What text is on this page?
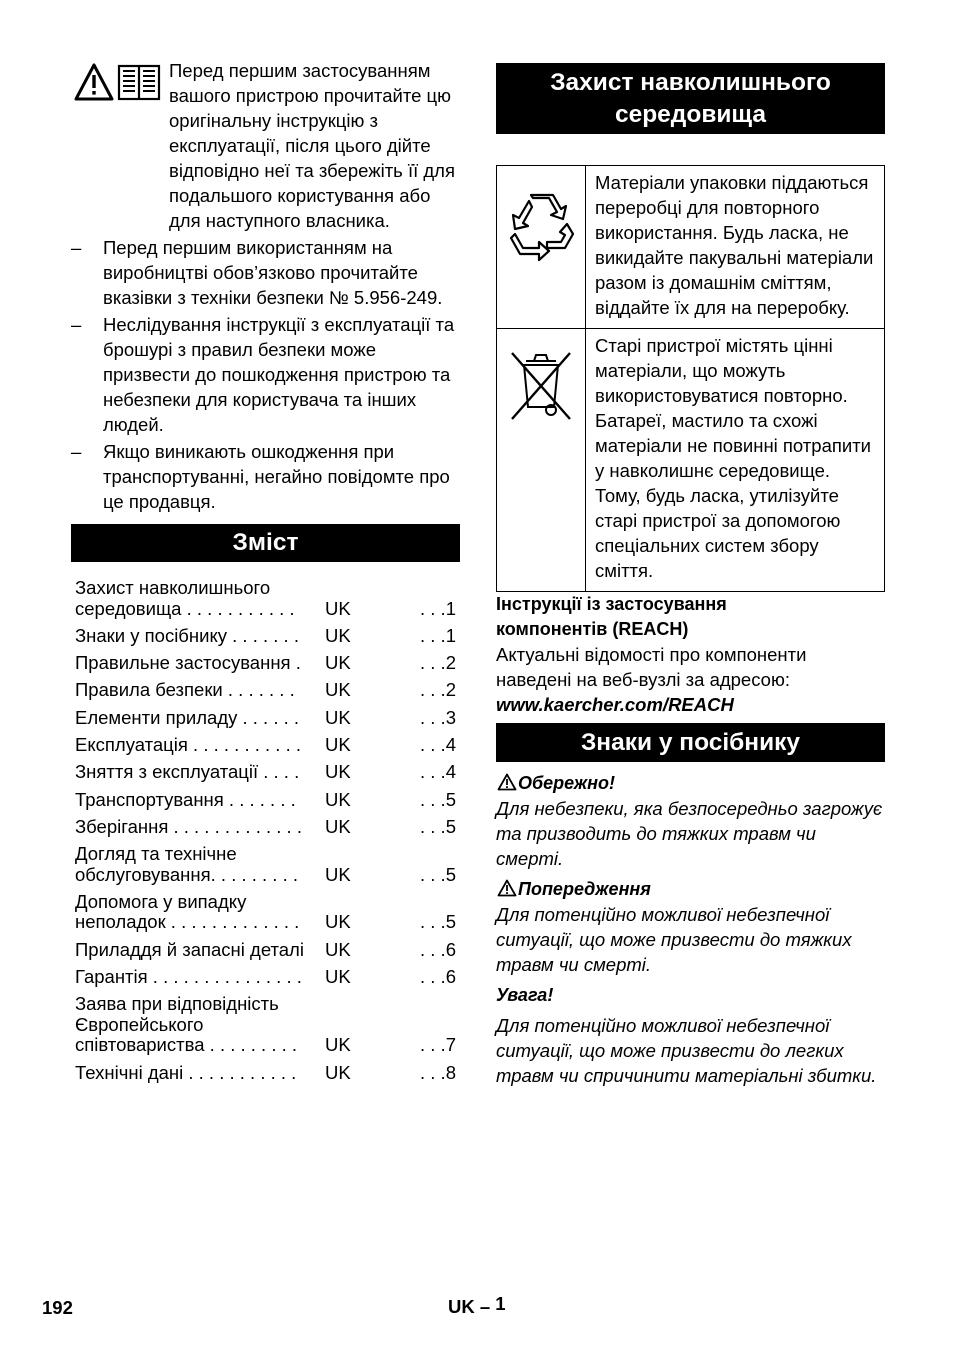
Перед першим застосуванням вашого пристрою прочитайте цю оригінальну інструкцію з експлуатації, після цього дійте відповідно неї та збережіть її для подальшого користування або для наступного власника.

– Перед першим використанням на виробництві обов’язково прочитайте вказівки з техніки безпеки № 5.956-249.
– Неслідування інструкції з експлуатації та брошурі з правил безпеки може призвести до пошкодження пристрою та небезпеки для користувача та інших людей.
– Якщо виникають ошкодження при транспортуванні, негайно повідомте про це продавця.
Зміст
Захист навколишнього
середовища . . . . . . . . . . .	UK	. . .1
Знаки у посібнику . . . . . . .	UK	. . .1
Правильне застосування .	UK	. . .2
Правила безпеки . . . . . . .	UK	. . .2
Елементи приладу . . . . . .	UK	. . .3
Експлуатація . . . . . . . . . . .	UK	. . .4
Зняття з експлуатації . . . .	UK	. . .4
Транспортування . . . . . . .	UK	. . .5
Зберігання . . . . . . . . . . . . .	UK	. . .5
Догляд та технічне
обслуговування. . . . . . . . .	UK	. . .5
Допомога у випадку
неполадок . . . . . . . . . . . . .	UK	. . .5
Приладдя й запасні деталі	UK	. . .6
Гарантія . . . . . . . . . . . . . . .	UK	. . .6
Заява при відповідність
Європейського
співтовариства . . . . . . . . .	UK	. . .7
Технічні дані . . . . . . . . . . .	UK	. . .8
Захист навколишнього середовища
	Матеріали упаковки піддаються переробці для повторного використання. Будь ласка, не викидайте пакувальні матеріали разом із домашнім сміттям, віддайте їх для на переробку.
	Старі пристрої містять цінні матеріали, що можуть використовуватися повторно. Батареї, мастило та схожі матеріали не повинні потрапити у навколишнє середовище. Тому, будь ласка, утилізуйте старі пристрої за допомогою спеціальних систем збору сміття.

Інструкції із застосування

компонентів (REACH)

Актуальні відомості про компоненти наведені на веб-вузлі за адресою:

www.kaercher.com/REACH

Знаки у посібнику

Обережно!

Для небезпеки, яка безпосередньо загрожує та призводить до тяжких травм чи смерті.

Попередження

Для потенційно можливої небезпечної ситуації, що може призвести до тяжких травм чи смерті.

Увага!

Для потенційно можливої небезпечної ситуації, що може призвести до легких травм чи спричинити матеріальні збитки.

192	UK – 1
